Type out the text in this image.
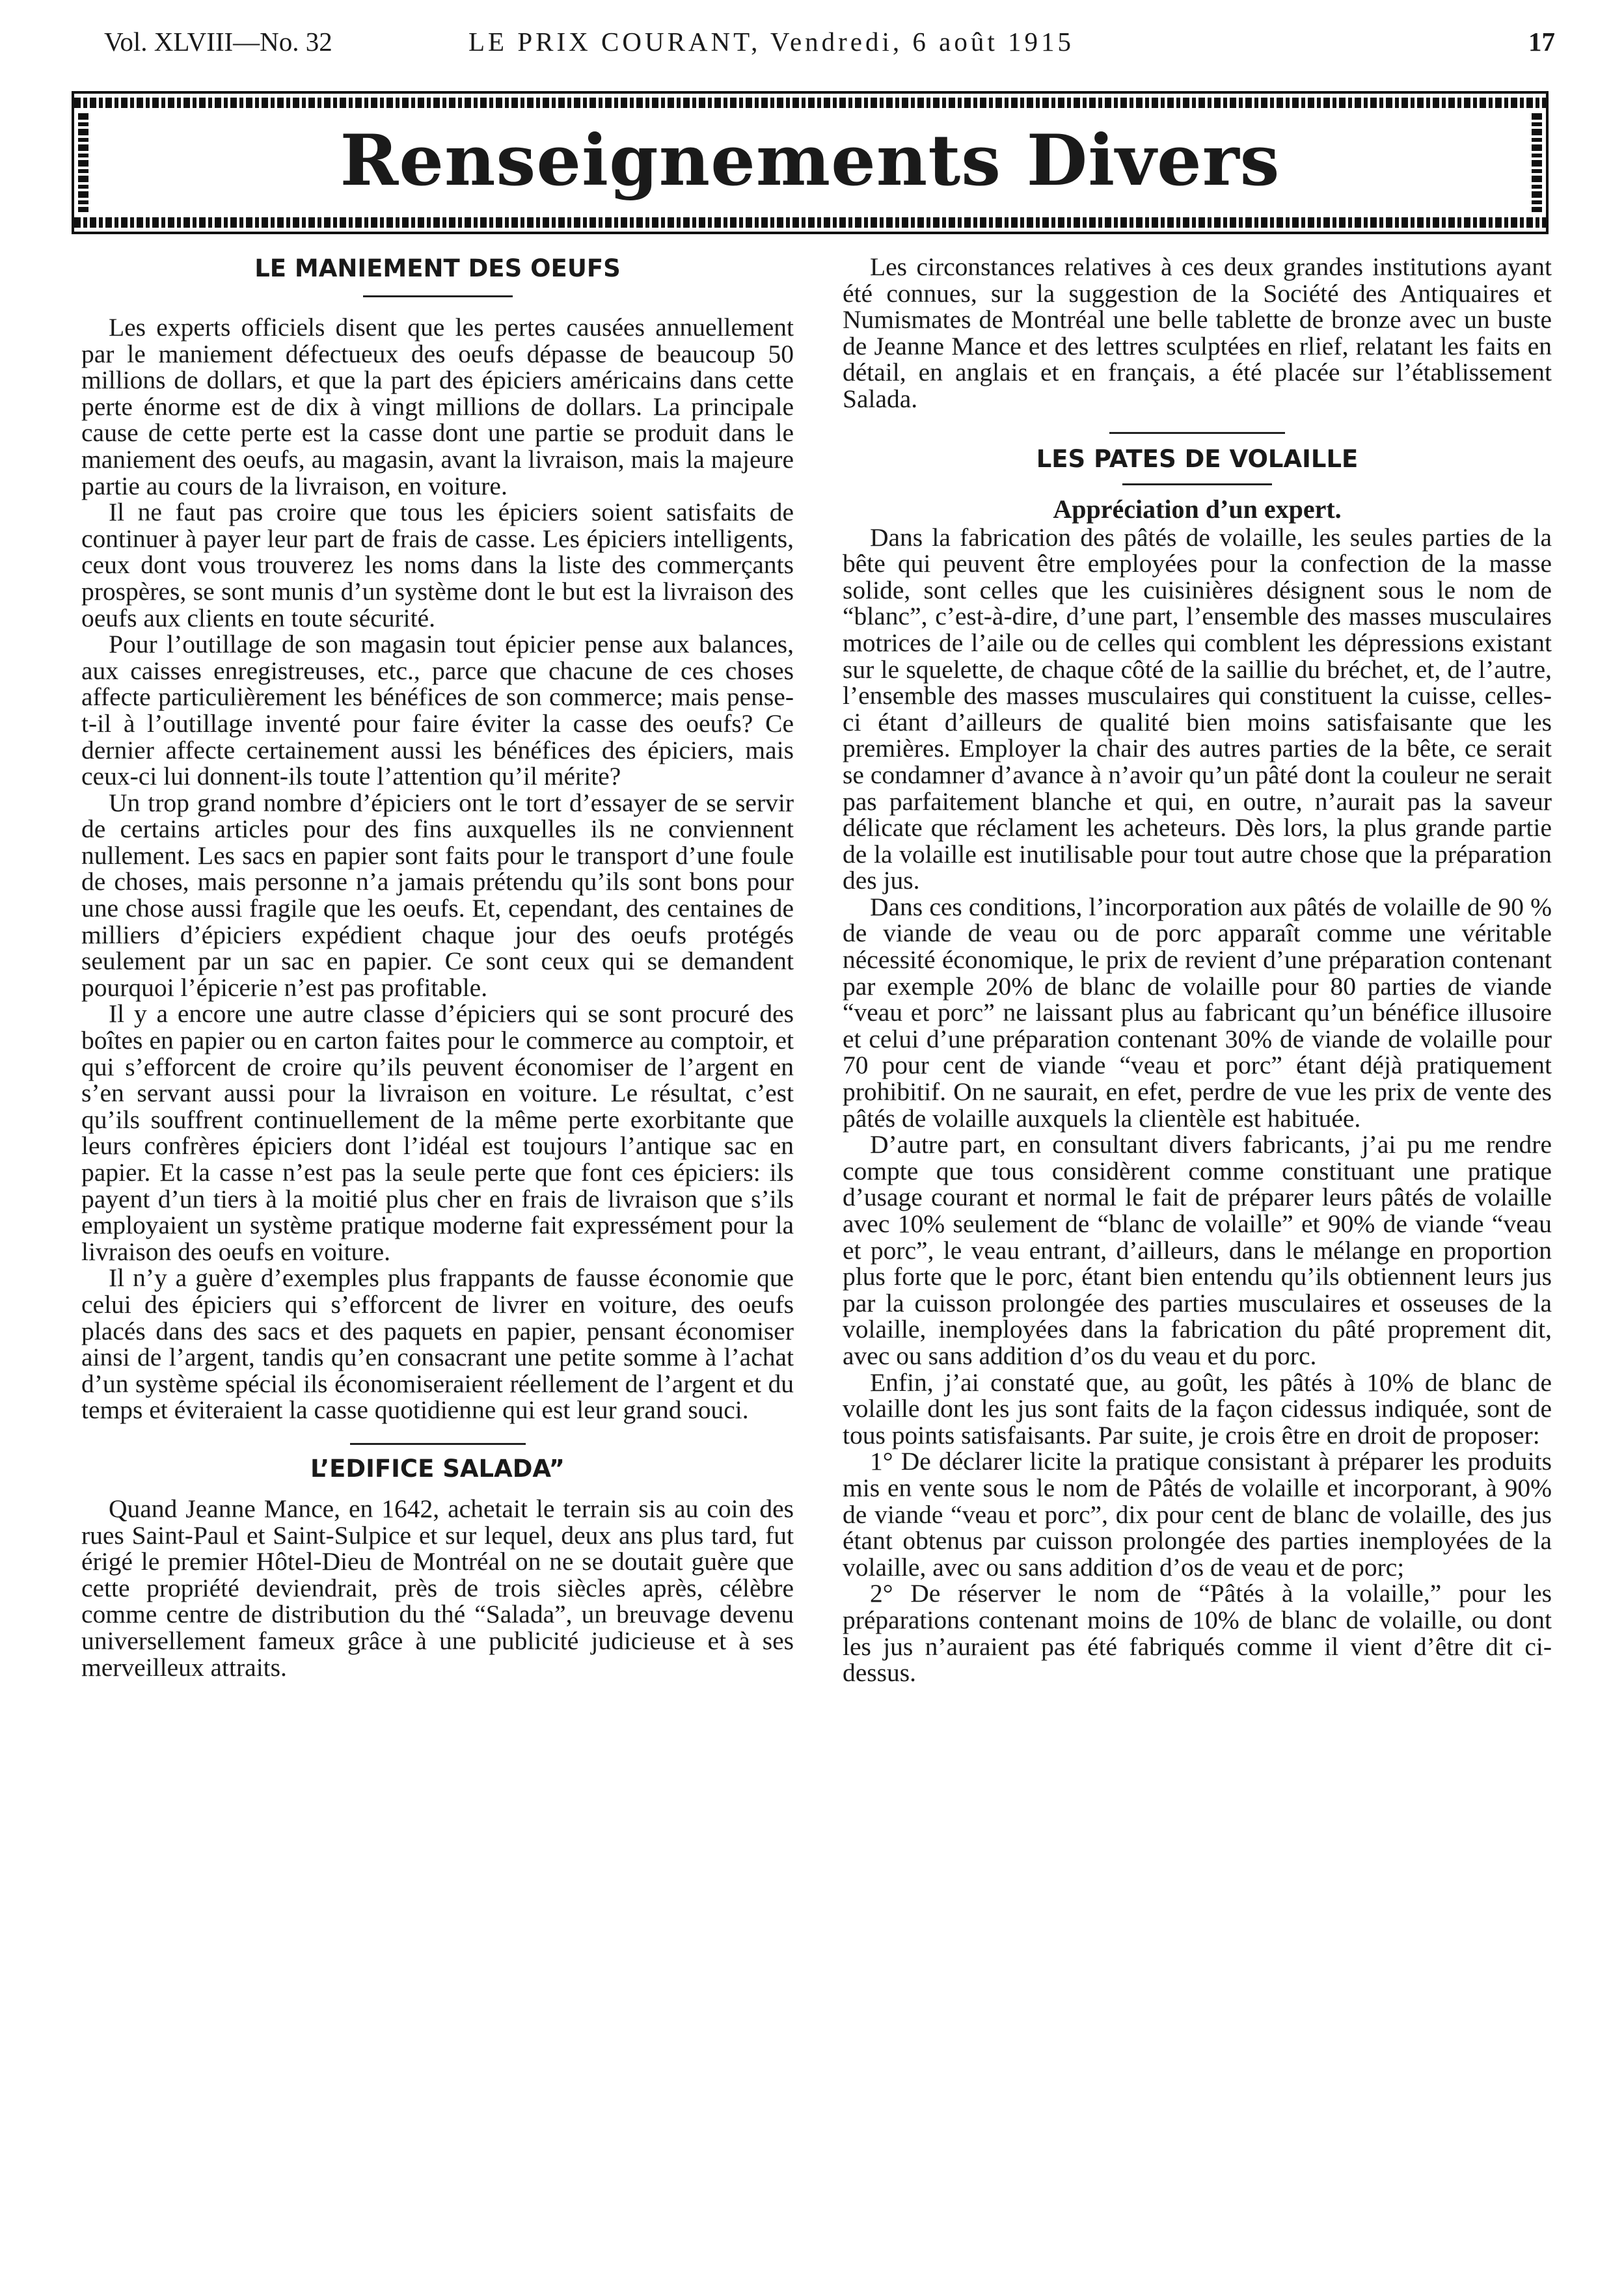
Vol. XLVIII—No. 32	LE PRIX COURANT, Vendredi, 6 août 1915	17
Renseignements Divers
LE MANIEMENT DES OEUFS

Les experts officiels disent que les pertes causées annuellement par le maniement défectueux des oeufs dépasse de beaucoup 50 millions de dollars, et que la part des épiciers américains dans cette perte énorme est de dix à vingt millions de dollars. La principale cause de cette perte est la casse dont une partie se produit dans le maniement des oeufs, au magasin, avant la livraison, mais la majeure partie au cours de la livraison, en voiture.

Il ne faut pas croire que tous les épiciers soient satisfaits de continuer à payer leur part de frais de casse. Les épiciers intelligents, ceux dont vous trouverez les noms dans la liste des commerçants prospères, se sont munis d’un système dont le but est la livraison des oeufs aux clients en toute sécurité.

Pour l’outillage de son magasin tout épicier pense aux balances, aux caisses enregistreuses, etc., parce que chacune de ces choses affecte particulièrement les bénéfices de son commerce; mais pense-t-il à l’outillage inventé pour faire éviter la casse des oeufs? Ce dernier affecte certainement aussi les bénéfices des épiciers, mais ceux-ci lui donnent-ils toute l’attention qu’il mérite?

Un trop grand nombre d’épiciers ont le tort d’essayer de se servir de certains articles pour des fins auxquelles ils ne conviennent nullement. Les sacs en papier sont faits pour le transport d’une foule de choses, mais personne n’a jamais prétendu qu’ils sont bons pour une chose aussi fragile que les oeufs. Et, cependant, des centaines de milliers d’épiciers expédient chaque jour des oeufs protégés seulement par un sac en papier. Ce sont ceux qui se demandent pourquoi l’épicerie n’est pas profitable.

Il y a encore une autre classe d’épiciers qui se sont procuré des boîtes en papier ou en carton faites pour le commerce au comptoir, et qui s’efforcent de croire qu’ils peuvent économiser de l’argent en s’en servant aussi pour la livraison en voiture. Le résultat, c’est qu’ils souffrent continuellement de la même perte exorbitante que leurs confrères épiciers dont l’idéal est toujours l’antique sac en papier. Et la casse n’est pas la seule perte que font ces épiciers: ils payent d’un tiers à la moitié plus cher en frais de livraison que s’ils employaient un système pratique moderne fait expressément pour la livraison des oeufs en voiture.

Il n’y a guère d’exemples plus frappants de fausse économie que celui des épiciers qui s’efforcent de livrer en voiture, des oeufs placés dans des sacs et des paquets en papier, pensant économiser ainsi de l’argent, tandis qu’en consacrant une petite somme à l’achat d’un système spécial ils économiseraient réellement de l’argent et du temps et éviteraient la casse quotidienne qui est leur grand souci.

L’EDIFICE SALADA”

Quand Jeanne Mance, en 1642, achetait le terrain sis au coin des rues Saint-Paul et Saint-Sulpice et sur lequel, deux ans plus tard, fut érigé le premier Hôtel-Dieu de Montréal on ne se doutait guère que cette propriété deviendrait, près de trois siècles après, célèbre comme centre de distribution du thé “Salada”, un breuvage devenu universellement fameux grâce à une publicité judicieuse et à ses merveilleux attraits.

Les circonstances relatives à ces deux grandes institutions ayant été connues, sur la suggestion de la Société des Antiquaires et Numismates de Montréal une belle tablette de bronze avec un buste de Jeanne Mance et des lettres sculptées en rlief, relatant les faits en détail, en anglais et en français, a été placée sur l’établissement Salada.

LES PATES DE VOLAILLE
Appréciation d’un expert.

Dans la fabrication des pâtés de volaille, les seules parties de la bête qui peuvent être employées pour la confection de la masse solide, sont celles que les cuisinières désignent sous le nom de “blanc”, c’est-à-dire, d’une part, l’ensemble des masses musculaires motrices de l’aile ou de celles qui comblent les dépressions existant sur le squelette, de chaque côté de la saillie du bréchet, et, de l’autre, l’ensemble des masses musculaires qui constituent la cuisse, celles-ci étant d’ailleurs de qualité bien moins satisfaisante que les premières. Employer la chair des autres parties de la bête, ce serait se condamner d’avance à n’avoir qu’un pâté dont la couleur ne serait pas parfaitement blanche et qui, en outre, n’aurait pas la saveur délicate que réclament les acheteurs. Dès lors, la plus grande partie de la volaille est inutilisable pour tout autre chose que la préparation des jus.

Dans ces conditions, l’incorporation aux pâtés de volaille de 90 % de viande de veau ou de porc apparaît comme une véritable nécessité économique, le prix de revient d’une préparation contenant par exemple 20% de blanc de volaille pour 80 parties de viande “veau et porc” ne laissant plus au fabricant qu’un bénéfice illusoire et celui d’une préparation contenant 30% de viande de volaille pour 70 pour cent de viande “veau et porc” étant déjà pratiquement prohibitif. On ne saurait, en efet, perdre de vue les prix de vente des pâtés de volaille auxquels la clientèle est habituée.

D’autre part, en consultant divers fabricants, j’ai pu me rendre compte que tous considèrent comme constituant une pratique d’usage courant et normal le fait de préparer leurs pâtés de volaille avec 10% seulement de “blanc de volaille” et 90% de viande “veau et porc”, le veau entrant, d’ailleurs, dans le mélange en proportion plus forte que le porc, étant bien entendu qu’ils obtiennent leurs jus par la cuisson prolongée des parties musculaires et osseuses de la volaille, inemployées dans la fabrication du pâté proprement dit, avec ou sans addition d’os du veau et du porc.

Enfin, j’ai constaté que, au goût, les pâtés à 10% de blanc de volaille dont les jus sont faits de la façon cidessus indiquée, sont de tous points satisfaisants. Par suite, je crois être en droit de proposer:

1° De déclarer licite la pratique consistant à préparer les produits mis en vente sous le nom de Pâtés de volaille et incorporant, à 90% de viande “veau et porc”, dix pour cent de blanc de volaille, des jus étant obtenus par cuisson prolongée des parties inemployées de la volaille, avec ou sans addition d’os de veau et de porc;

2° De réserver le nom de “Pâtés à la volaille,” pour les préparations contenant moins de 10% de blanc de volaille, ou dont les jus n’auraient pas été fabriqués comme il vient d’être dit ci-dessus.
